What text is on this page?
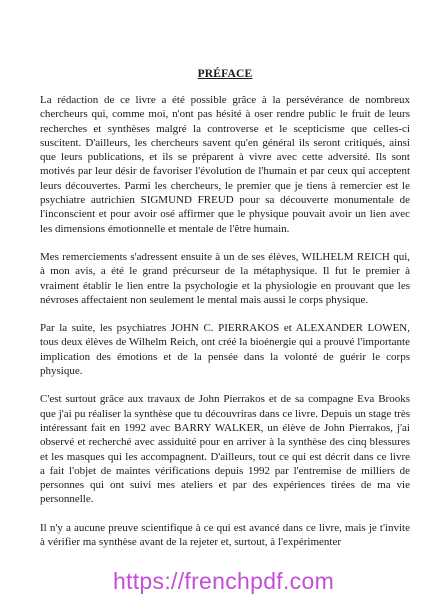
PRÉFACE

La rédaction de ce livre a été possible grâce à la persévérance de nombreux chercheurs qui, comme moi, n'ont pas hésité à oser rendre public le fruit de leurs recherches et synthèses malgré la controverse et le scepticisme que celles-ci suscitent. D'ailleurs, les chercheurs savent qu'en général ils seront critiqués, ainsi que leurs publications, et ils se préparent à vivre avec cette adversité. Ils sont motivés par leur désir de favoriser l'évolution de l'humain et par ceux qui acceptent leurs découvertes. Parmi les chercheurs, le premier que je tiens à remercier est le psychiatre autrichien SIGMUND FREUD pour sa découverte monumentale de l'inconscient et pour avoir osé affirmer que le physique pouvait avoir un lien avec les dimensions émotionnelle et mentale de l'être humain.

Mes remerciements s'adressent ensuite à un de ses élèves, WILHELM REICH qui, à mon avis, a été le grand précurseur de la métaphysique. Il fut le premier à vraiment établir le lien entre la psychologie et la physiologie en prouvant que les névroses affectaient non seulement le mental mais aussi le corps physique.

Par la suite, les psychiatres JOHN C. PIERRAKOS et ALEXANDER LOWEN, tous deux élèves de Wilhelm Reich, ont créé la bioénergie qui a prouvé l'importante implication des émotions et de la pensée dans la volonté de guérir le corps physique.

C'est surtout grâce aux travaux de John Pierrakos et de sa compagne Eva Brooks que j'ai pu réaliser la synthèse que tu découvriras dans ce livre. Depuis un stage très intéressant fait en 1992 avec BARRY WALKER, un élève de John Pierrakos, j'ai observé et recherché avec assiduité pour en arriver à la synthèse des cinq blessures et les masques qui les accompagnent. D'ailleurs, tout ce qui est décrit dans ce livre a fait l'objet de maintes vérifications depuis 1992 par l'entremise de milliers de personnes qui ont suivi mes ateliers et par des expériences tirées de ma vie personnelle.

Il n'y a aucune preuve scientifique à ce qui est avancé dans ce livre, mais je t'invite à vérifier ma synthèse avant de la rejeter et, surtout, à l'expérimenter

https://frenchpdf.com
